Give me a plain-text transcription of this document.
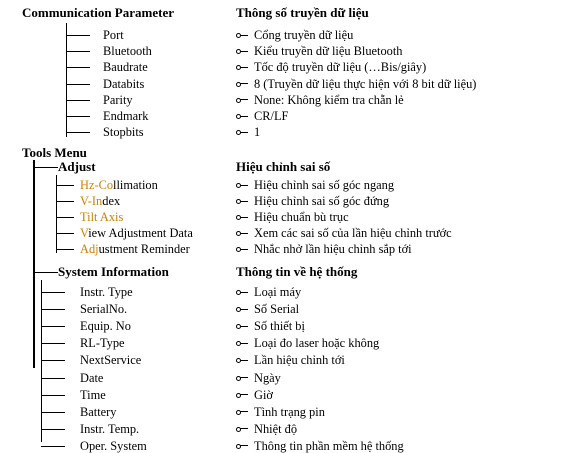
Communication Parameter	Thông số truyền dữ liệu
Port	Cổng truyền dữ liệu
Bluetooth	Kiểu truyền dữ liệu Bluetooth
Baudrate	Tốc độ truyền dữ liệu (…Bis/giây)
Databits	8 (Truyền dữ liệu thực hiện với 8 bit dữ liệu)
Parity	None: Không kiểm tra chẵn lẻ
Endmark	CR/LF
Stopbits	1
Tools Menu
Adjust	Hiệu chỉnh sai số
Hz-Collimation	Hiệu chỉnh sai số góc ngang
V-Index	Hiệu chỉnh sai số góc đứng
Tilt Axis	Hiệu chuẩn bù trục
View Adjustment Data	Xem các sai số của lần hiệu chỉnh trước
Adjustment Reminder	Nhắc nhở lần hiệu chỉnh sắp tới
System Information	Thông tin về hệ thống
Instr. Type	Loại máy
SerialNo.	Số Serial
Equip. No	Số thiết bị
RL-Type	Loại đo laser hoặc không
NextService	Lần hiệu chỉnh tới
Date	Ngày
Time	Giờ
Battery	Tình trạng pin
Instr. Temp.	Nhiệt độ
Oper. System	Thông tin phần mềm hệ thống
